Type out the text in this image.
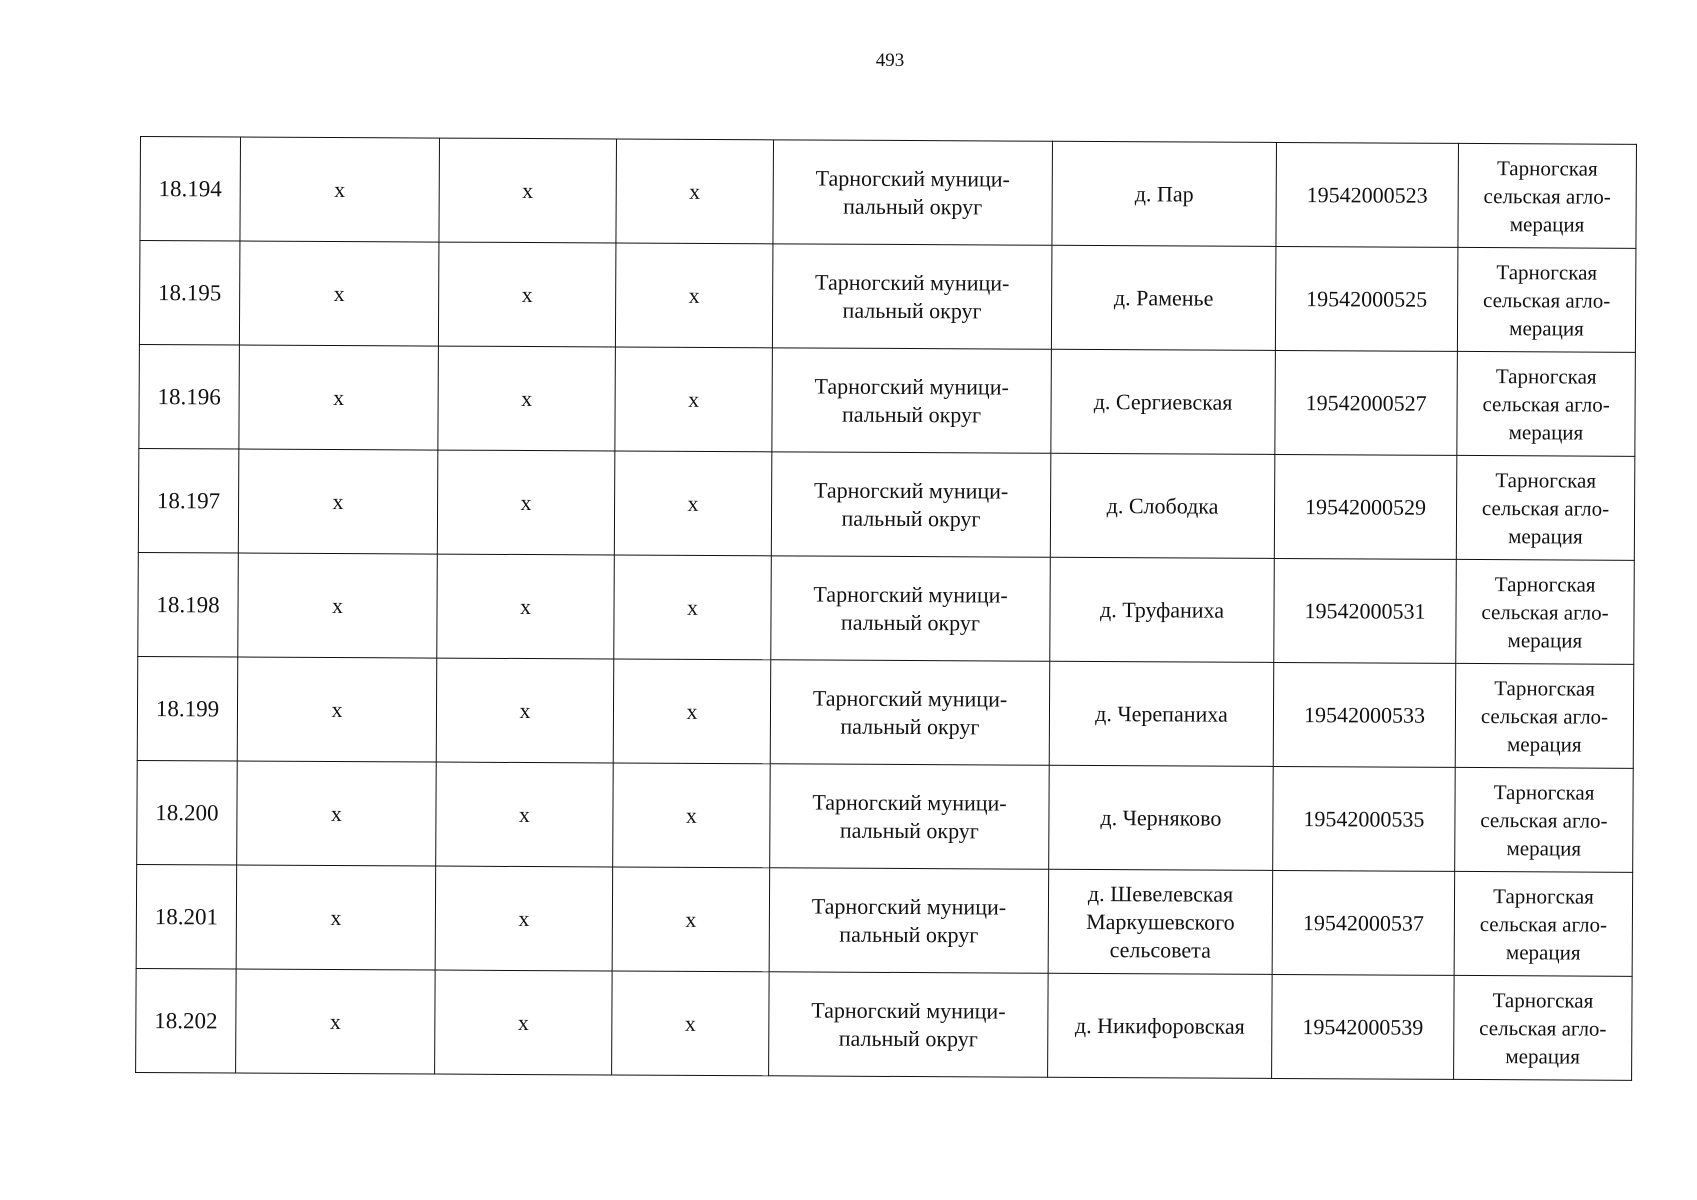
493
18.194	x	x	x	Тарногский муници-
пальный округ	д. Пар	19542000523	Тарногская
сельская агло-
мерация

18.195	x	x	x	Тарногский муници-
пальный округ	д. Раменье	19542000525	Тарногская
сельская агло-
мерация

18.196	x	x	x	Тарногский муници-
пальный округ	д. Сергиевская	19542000527	Тарногская
сельская агло-
мерация

18.197	x	x	x	Тарногский муници-
пальный округ	д. Слободка	19542000529	Тарногская
сельская агло-
мерация

18.198	x	x	x	Тарногский муници-
пальный округ	д. Труфаниха	19542000531	Тарногская
сельская агло-
мерация

18.199	x	x	x	Тарногский муници-
пальный округ	д. Черепаниха	19542000533	Тарногская
сельская агло-
мерация

18.200	x	x	x	Тарногский муници-
пальный округ	д. Черняково	19542000535	Тарногская
сельская агло-
мерация

18.201	x	x	x	Тарногский муници-
пальный округ	д. Шевелевская
Маркушевского
сельсовета	19542000537	Тарногская
сельская агло-
мерация

18.202	x	x	x	Тарногский муници-
пальный округ	д. Никифоровская	19542000539	Тарногская
сельская агло-
мерация
